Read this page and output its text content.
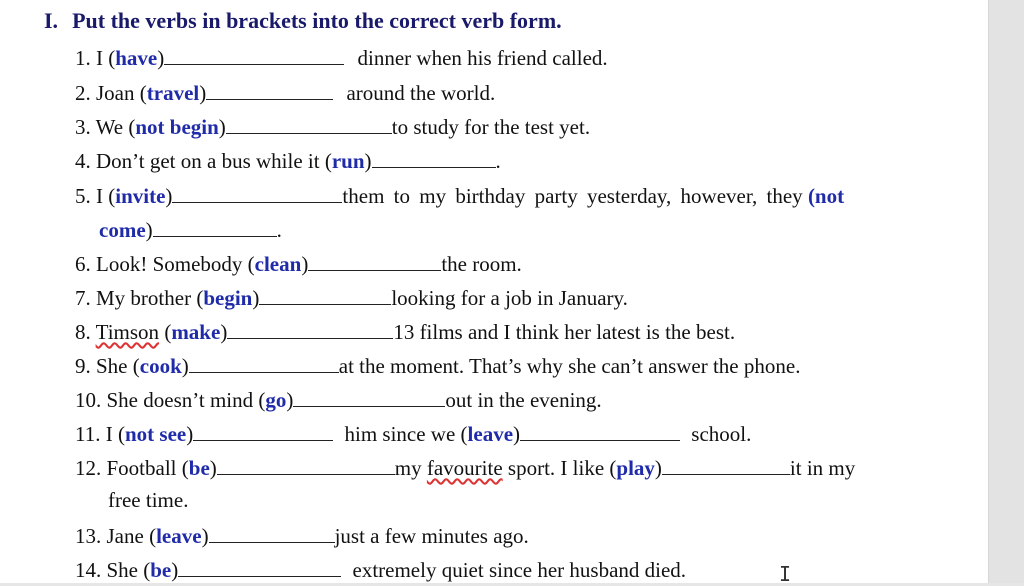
I. Put the verbs in brackets into the correct verb form.
1. I (have)	dinner when his friend called.
2. Joan (travel)	around the world.
3. We (not begin)	to study for the test yet.
4. Don’t get on a bus while it (run)	.
5. I (invite)	them to my birthday party yesterday, however, they (not
come)	.
6. Look! Somebody (clean)	the room.
7. My brother (begin)	looking for a job in January.
8. Timson (make)	13 films and I think her latest is the best.
9. She (cook)	at the moment. That’s why she can’t answer the phone.
10. She doesn’t mind (go)	out in the evening.
11. I (not see)	him since we (leave)	school.
12. Football (be)	my favourite sport. I like (play)	it in my
free time.
13. Jane (leave)	just a few minutes ago.
14. She (be)	extremely quiet since her husband died.	I
